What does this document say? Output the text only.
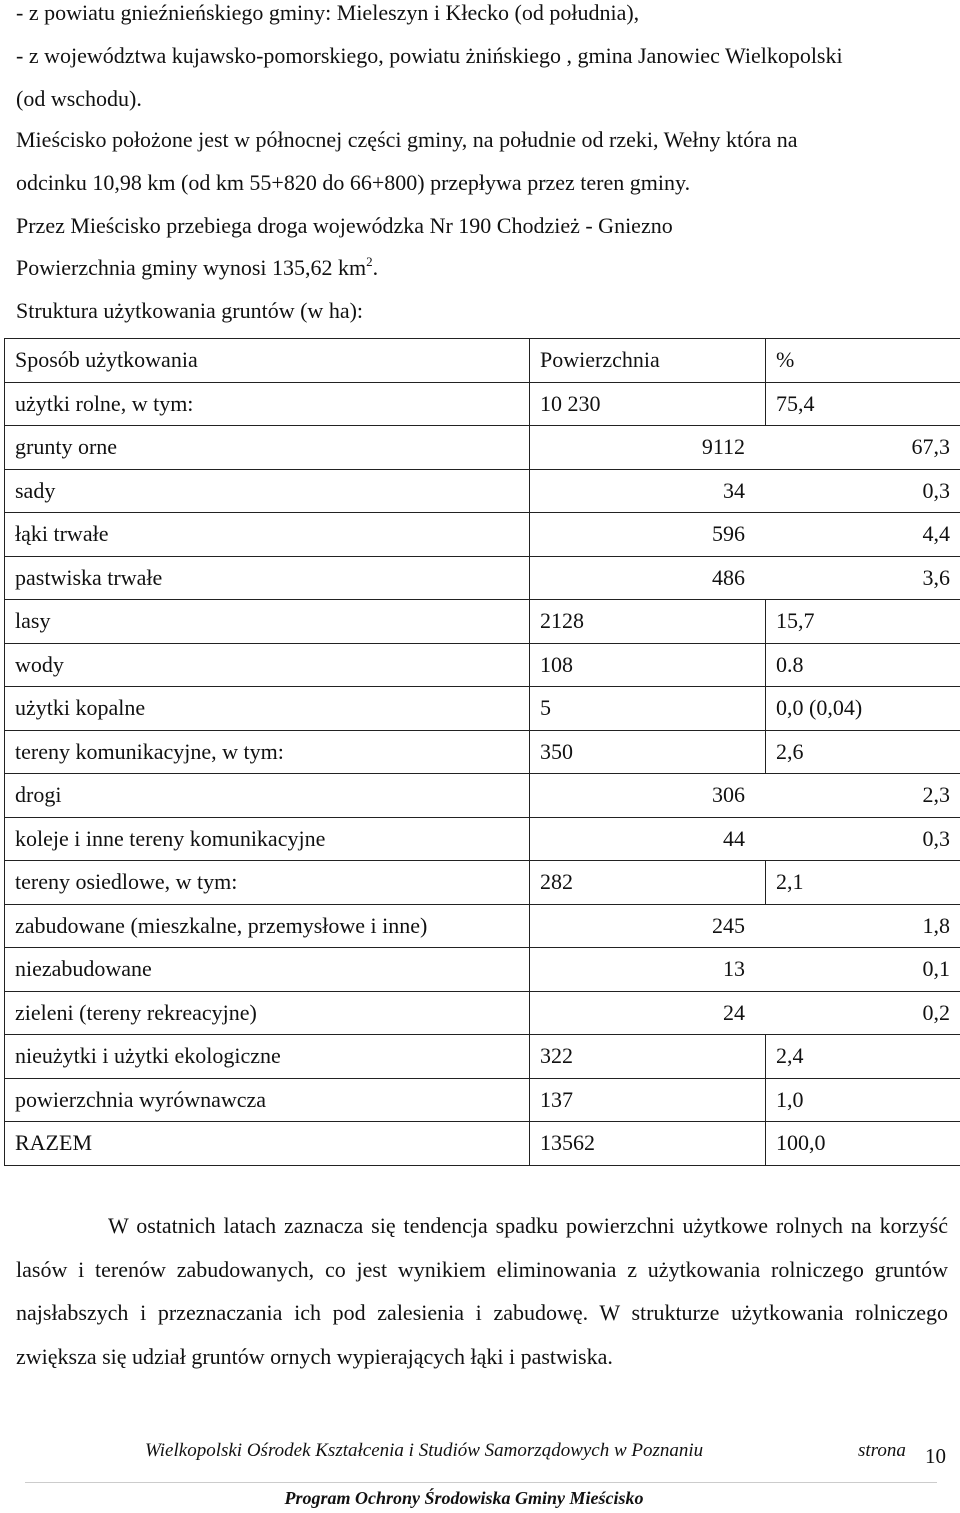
- z powiatu gnieźnieńskiego gminy: Mieleszyn i Kłecko (od południa),
- z województwa kujawsko-pomorskiego, powiatu żnińskiego , gmina Janowiec Wielkopolski
(od wschodu).
Mieścisko położone jest w północnej części gminy, na południe od rzeki, Wełny która na
odcinku 10,98 km (od km 55+820 do 66+800) przepływa przez teren gminy.
Przez Mieścisko przebiega droga wojewódzka Nr 190 Chodzież - Gniezno
Powierzchnia gminy wynosi 135,62 $km^2$.
Struktura użytkowania gruntów (w ha):
Sposób użytkowania	Powierzchnia	%
użytki rolne, w tym:	10 230	75,4
grunty orne	9112 67,3	

sady	34 0,3	

łąki trwałe	596 4,4	

pastwiska trwałe	486 3,6	

lasy	2128	15,7
wody	108	0.8
użytki kopalne	5	0,0 (0,04)
tereny komunikacyjne, w tym:	350	2,6
drogi	306 2,3	

koleje i inne tereny komunikacyjne	44 0,3	

tereny osiedlowe, w tym:	282	2,1
zabudowane (mieszkalne, przemysłowe i inne)	245 1,8	

niezabudowane	13 0,1	

zieleni (tereny rekreacyjne)	24 0,2	

nieużytki i użytki ekologiczne	322	2,4
powierzchnia wyrównawcza	137	1,0
RAZEM	13562	100,0
W ostatnich latach zaznacza się tendencja spadku powierzchni użytkowe rolnych na korzyść lasów i terenów zabudowanych, co jest wynikiem eliminowania z użytkowania rolniczego gruntów najsłabszych i przeznaczania ich pod zalesienia i zabudowę. W strukturze użytkowania rolniczego zwiększa się udział gruntów ornych wypierających łąki i pastwiska.
Wielkopolski Ośrodek Kształcenia i Studiów Samorządowych w Poznaniu	strona 10
Program Ochrony Środowiska Gminy Mieścisko
